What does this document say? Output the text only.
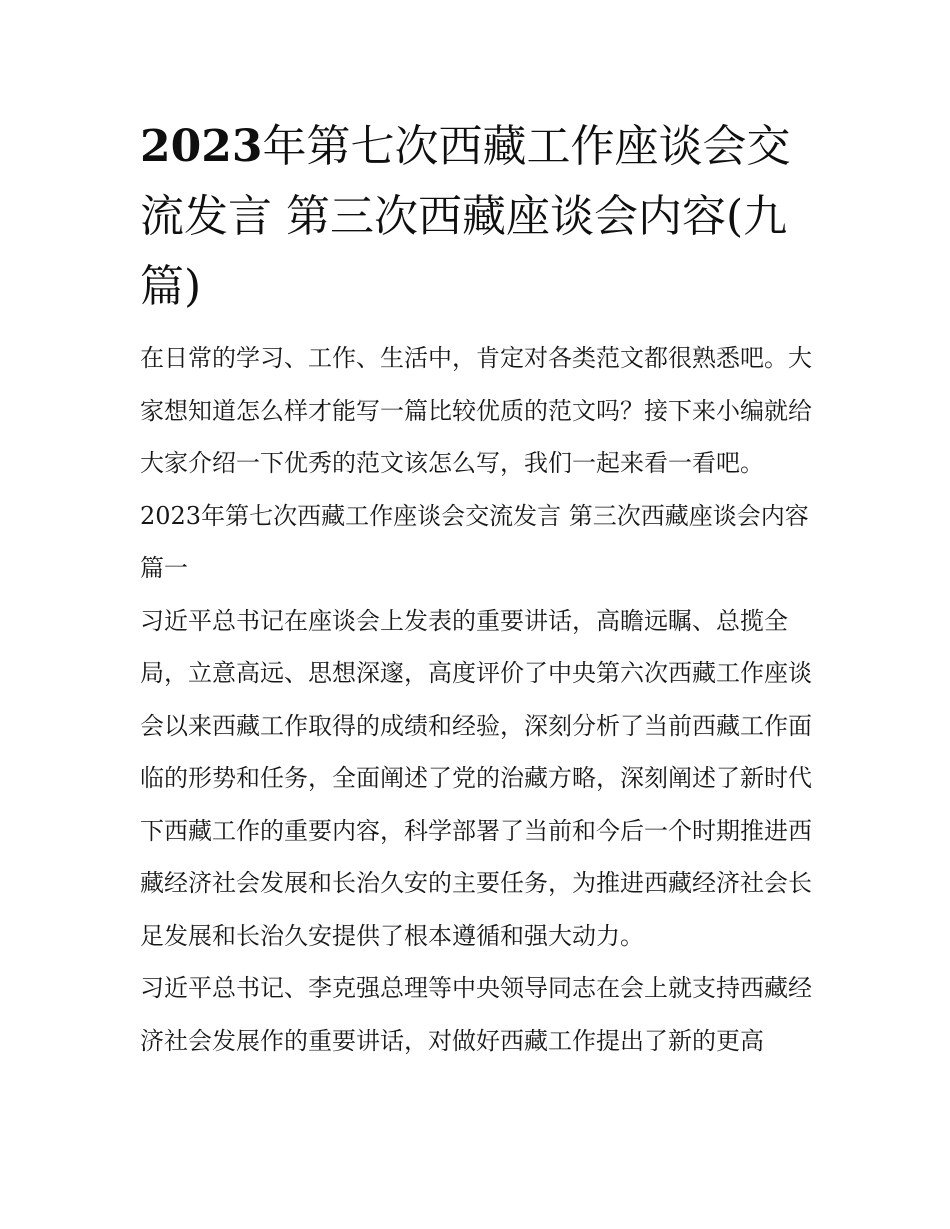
2023年第七次西藏工作座谈会交流发言 第三次西藏座谈会内容(九篇)

在日常的学习、工作、生活中，肯定对各类范文都很熟悉吧。大家想知道怎么样才能写一篇比较优质的范文吗？接下来小编就给大家介绍一下优秀的范文该怎么写，我们一起来看一看吧。

2023年第七次西藏工作座谈会交流发言 第三次西藏座谈会内容篇一

习近平总书记在座谈会上发表的重要讲话，高瞻远瞩、总揽全局，立意高远、思想深邃，高度评价了中央第六次西藏工作座谈会以来西藏工作取得的成绩和经验，深刻分析了当前西藏工作面临的形势和任务，全面阐述了党的治藏方略，深刻阐述了新时代下西藏工作的重要内容，科学部署了当前和今后一个时期推进西藏经济社会发展和长治久安的主要任务，为推进西藏经济社会长足发展和长治久安提供了根本遵循和强大动力。

习近平总书记、李克强总理等中央领导同志在会上就支持西藏经济社会发展作的重要讲话，对做好西藏工作提出了新的更高
